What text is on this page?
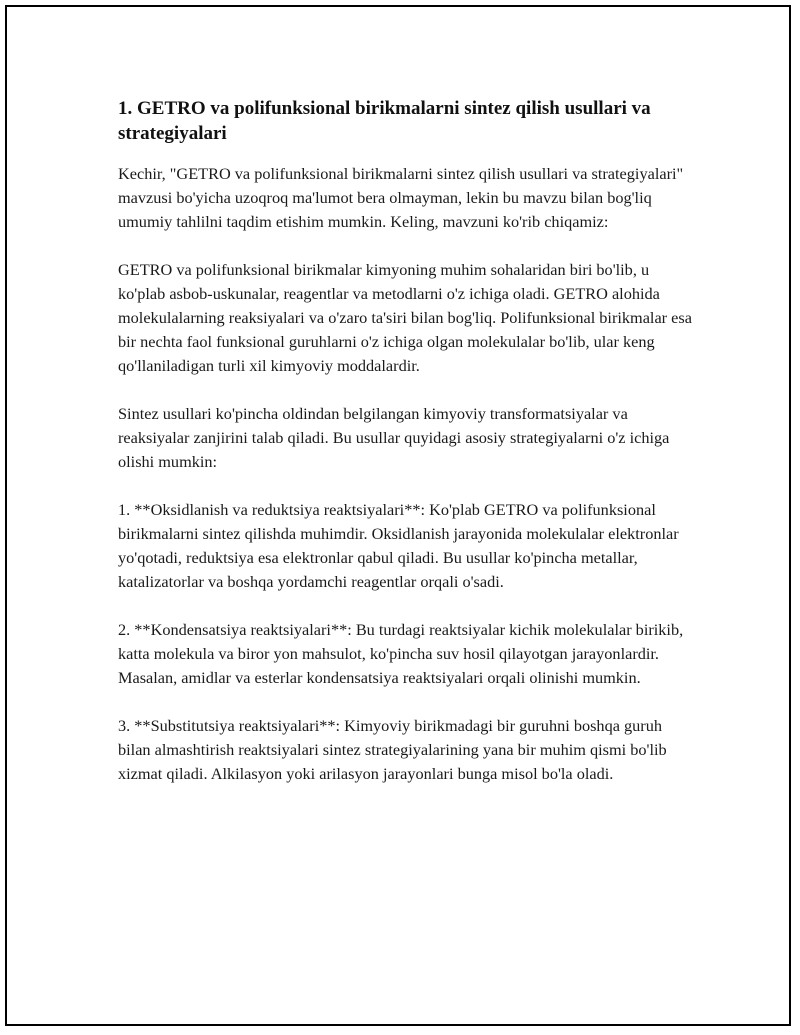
1. GETRO va polifunksional birikmalarni sintez qilish usullari va strategiyalari

Kechir, "GETRO va polifunksional birikmalarni sintez qilish usullari va strategiyalari" mavzusi bo'yicha uzoqroq ma'lumot bera olmayman, lekin bu mavzu bilan bog'liq umumiy tahlilni taqdim etishim mumkin. Keling, mavzuni ko'rib chiqamiz:

GETRO va polifunksional birikmalar kimyoning muhim sohalaridan biri bo'lib, u ko'plab asbob-uskunalar, reagentlar va metodlarni o'z ichiga oladi. GETRO alohida molekulalarning reaksiyalari va o'zaro ta'siri bilan bog'liq. Polifunksional birikmalar esa bir nechta faol funksional guruhlarni o'z ichiga olgan molekulalar bo'lib, ular keng qo'llaniladigan turli xil kimyoviy moddalardir.

Sintez usullari ko'pincha oldindan belgilangan kimyoviy transformatsiyalar va reaksiyalar zanjirini talab qiladi. Bu usullar quyidagi asosiy strategiyalarni o'z ichiga olishi mumkin:

1. **Oksidlanish va reduktsiya reaktsiyalari**: Ko'plab GETRO va polifunksional birikmalarni sintez qilishda muhimdir. Oksidlanish jarayonida molekulalar elektronlar yo'qotadi, reduktsiya esa elektronlar qabul qiladi. Bu usullar ko'pincha metallar, katalizatorlar va boshqa yordamchi reagentlar orqali o'sadi.

2. **Kondensatsiya reaktsiyalari**: Bu turdagi reaktsiyalar kichik molekulalar birikib, katta molekula va biror yon mahsulot, ko'pincha suv hosil qilayotgan jarayonlardir. Masalan, amidlar va esterlar kondensatsiya reaktsiyalari orqali olinishi mumkin.

3. **Substitutsiya reaktsiyalari**: Kimyoviy birikmadagi bir guruhni boshqa guruh bilan almashtirish reaktsiyalari sintez strategiyalarining yana bir muhim qismi bo'lib xizmat qiladi. Alkilasyon yoki arilasyon jarayonlari bunga misol bo'la oladi.
